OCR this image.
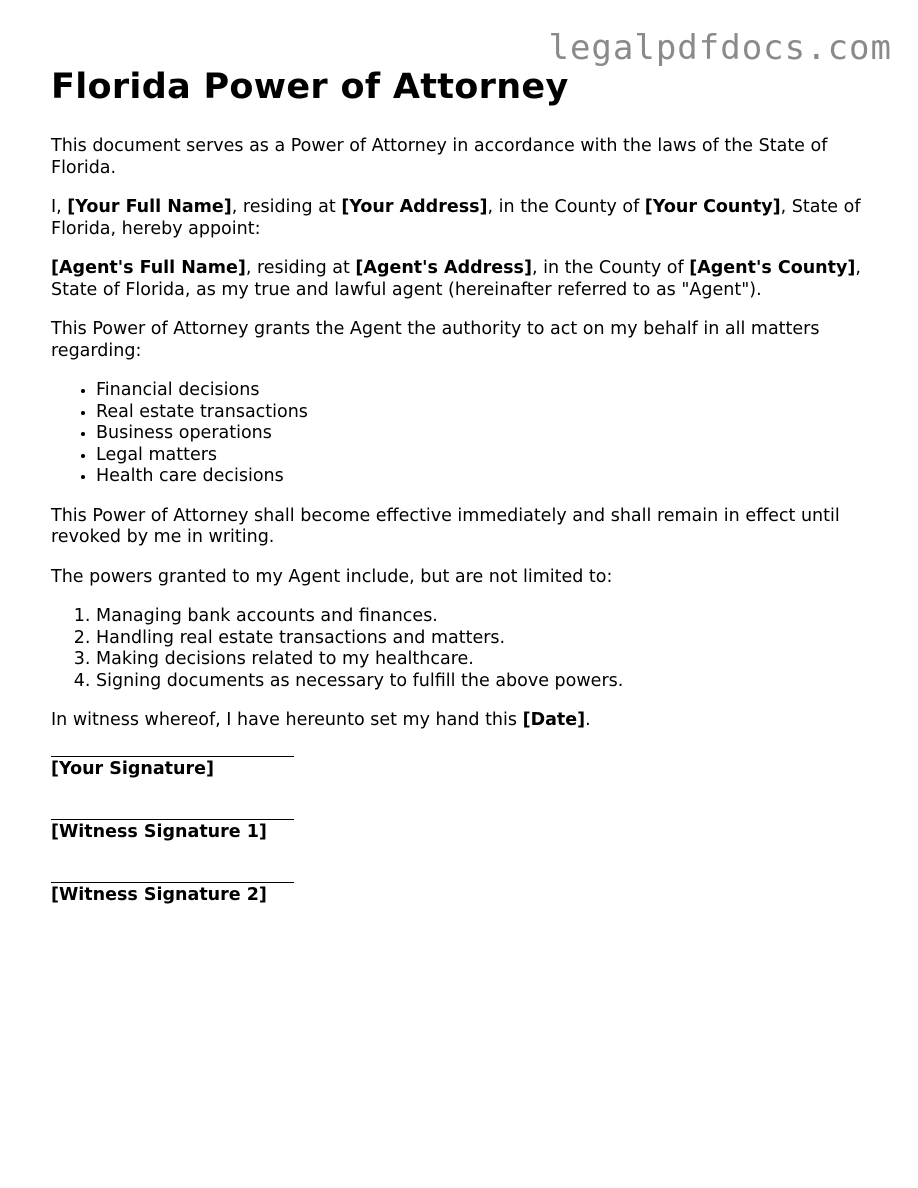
legalpdfdocs.com
Florida Power of Attorney

This document serves as a Power of Attorney in accordance with the laws of the State of Florida.

I, [Your Full Name], residing at [Your Address], in the County of [Your County], State of Florida, hereby appoint:

[Agent's Full Name], residing at [Agent's Address], in the County of [Agent's County], State of Florida, as my true and lawful agent (hereinafter referred to as "Agent").

This Power of Attorney grants the Agent the authority to act on my behalf in all matters regarding:

• Financial decisions
• Real estate transactions
• Business operations
• Legal matters
• Health care decisions

This Power of Attorney shall become effective immediately and shall remain in effect until revoked by me in writing.

The powers granted to my Agent include, but are not limited to:

1. Managing bank accounts and finances.
2. Handling real estate transactions and matters.
3. Making decisions related to my healthcare.
4. Signing documents as necessary to fulfill the above powers.

In witness whereof, I have hereunto set my hand this [Date].

[Your Signature]
[Witness Signature 1]
[Witness Signature 2]
